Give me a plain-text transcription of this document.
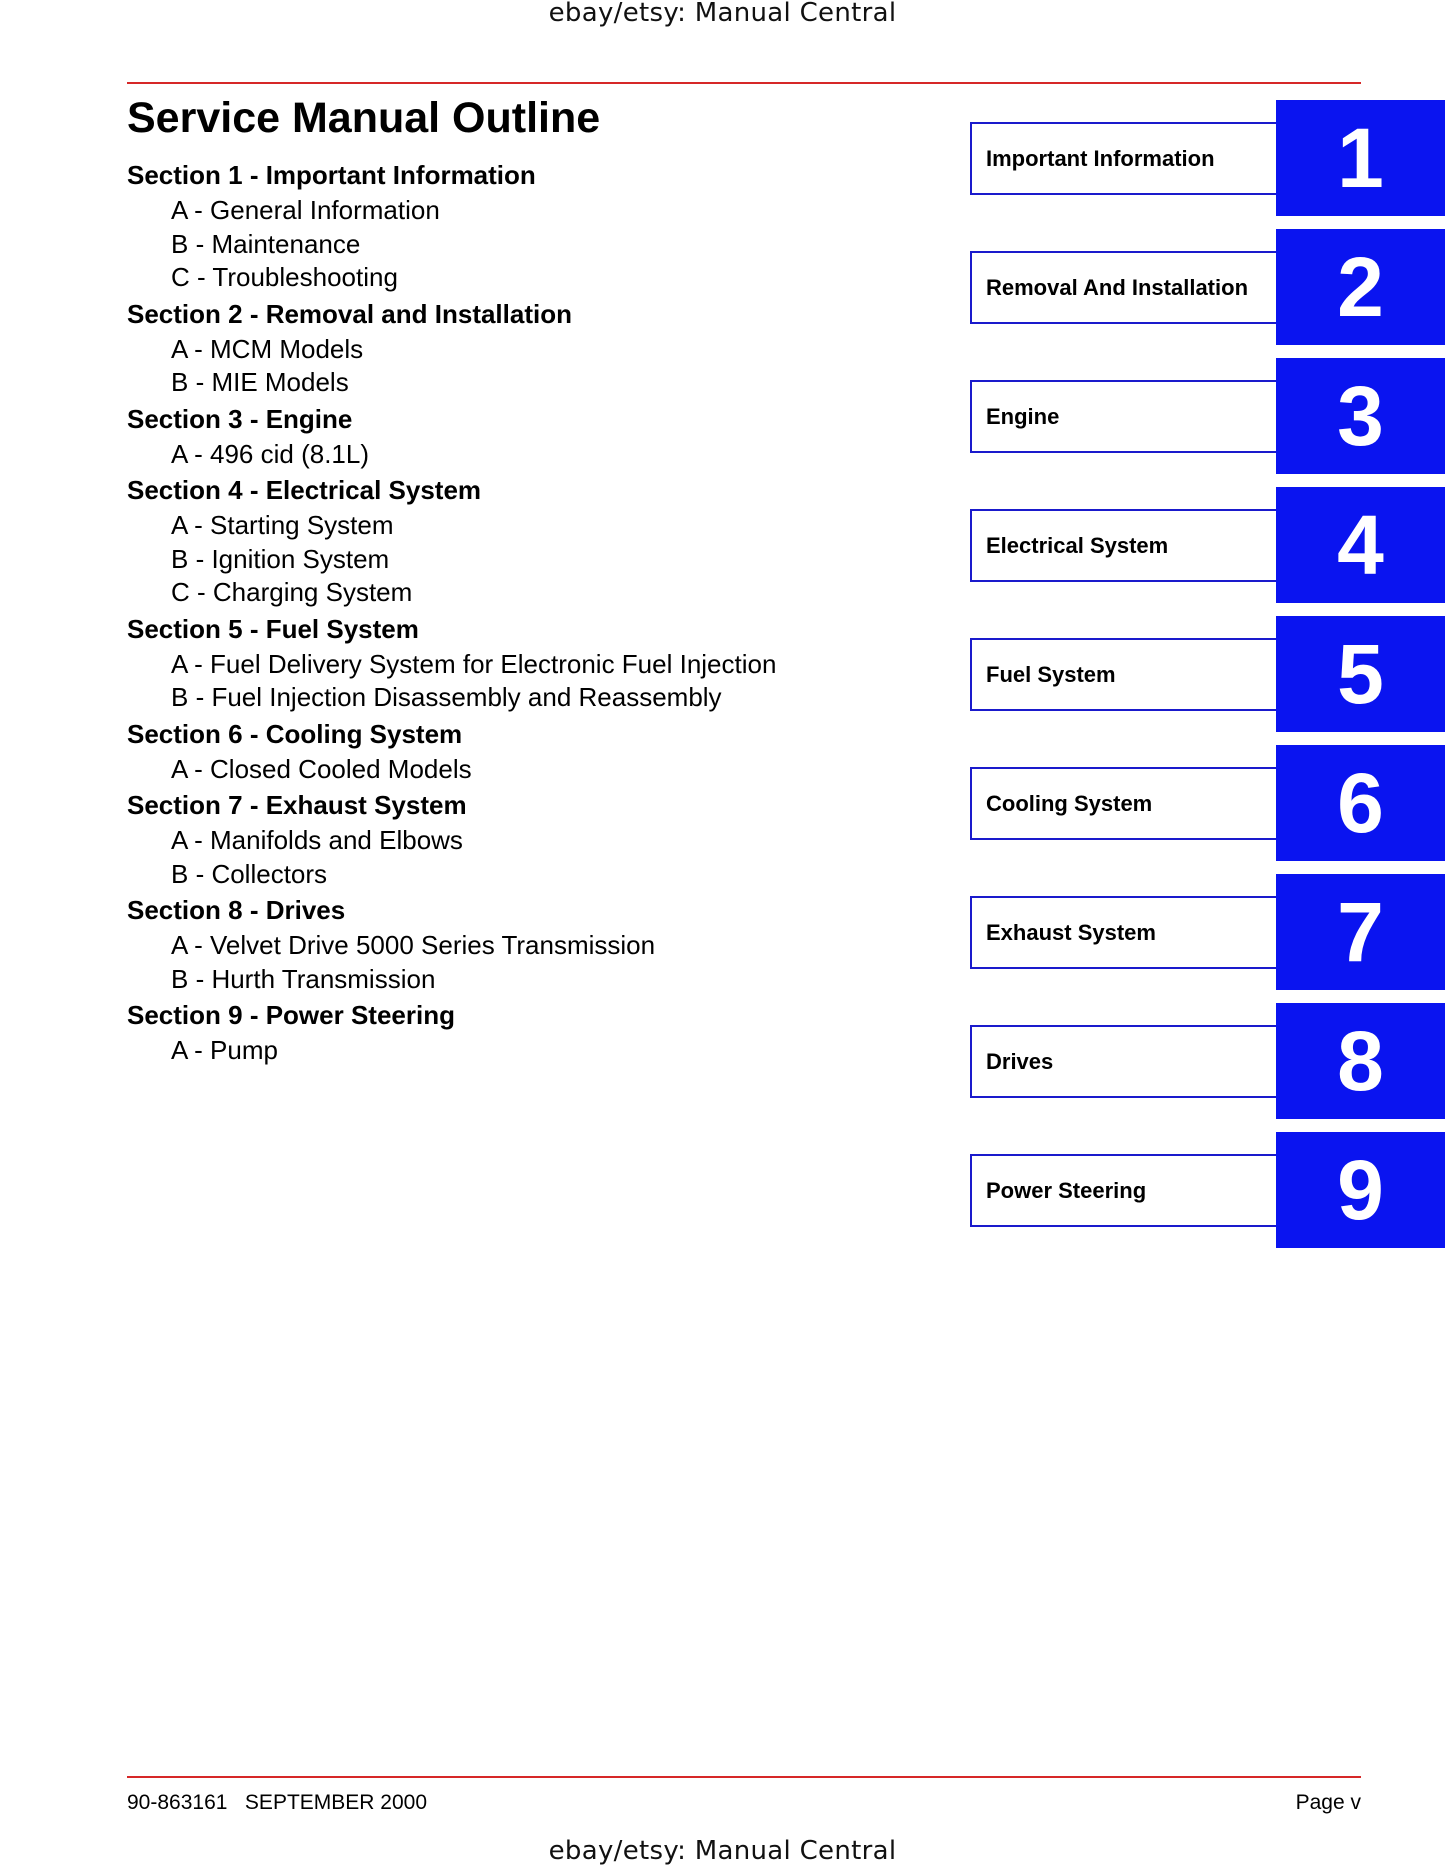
ebay/etsy: Manual Central
Service Manual Outline
Section 1 - Important Information
A - General Information
B - Maintenance
C - Troubleshooting
Section 2 - Removal and Installation
A - MCM Models
B - MIE Models
Section 3 - Engine
A - 496 cid (8.1L)
Section 4 - Electrical System
A - Starting System
B - Ignition System
C - Charging System
Section 5 - Fuel System
A - Fuel Delivery System for Electronic Fuel Injection
B - Fuel Injection Disassembly and Reassembly
Section 6 - Cooling System
A - Closed Cooled Models
Section 7 - Exhaust System
A - Manifolds and Elbows
B - Collectors
Section 8 - Drives
A - Velvet Drive 5000 Series Transmission
B - Hurth Transmission
Section 9 - Power Steering
A - Pump
Important Information	1
Removal And Installation	2
Engine	3
Electrical System	4
Fuel System	5
Cooling System	6
Exhaust System	7
Drives	8
Power Steering	9
90-863161   SEPTEMBER 2000	Page v
ebay/etsy: Manual Central
